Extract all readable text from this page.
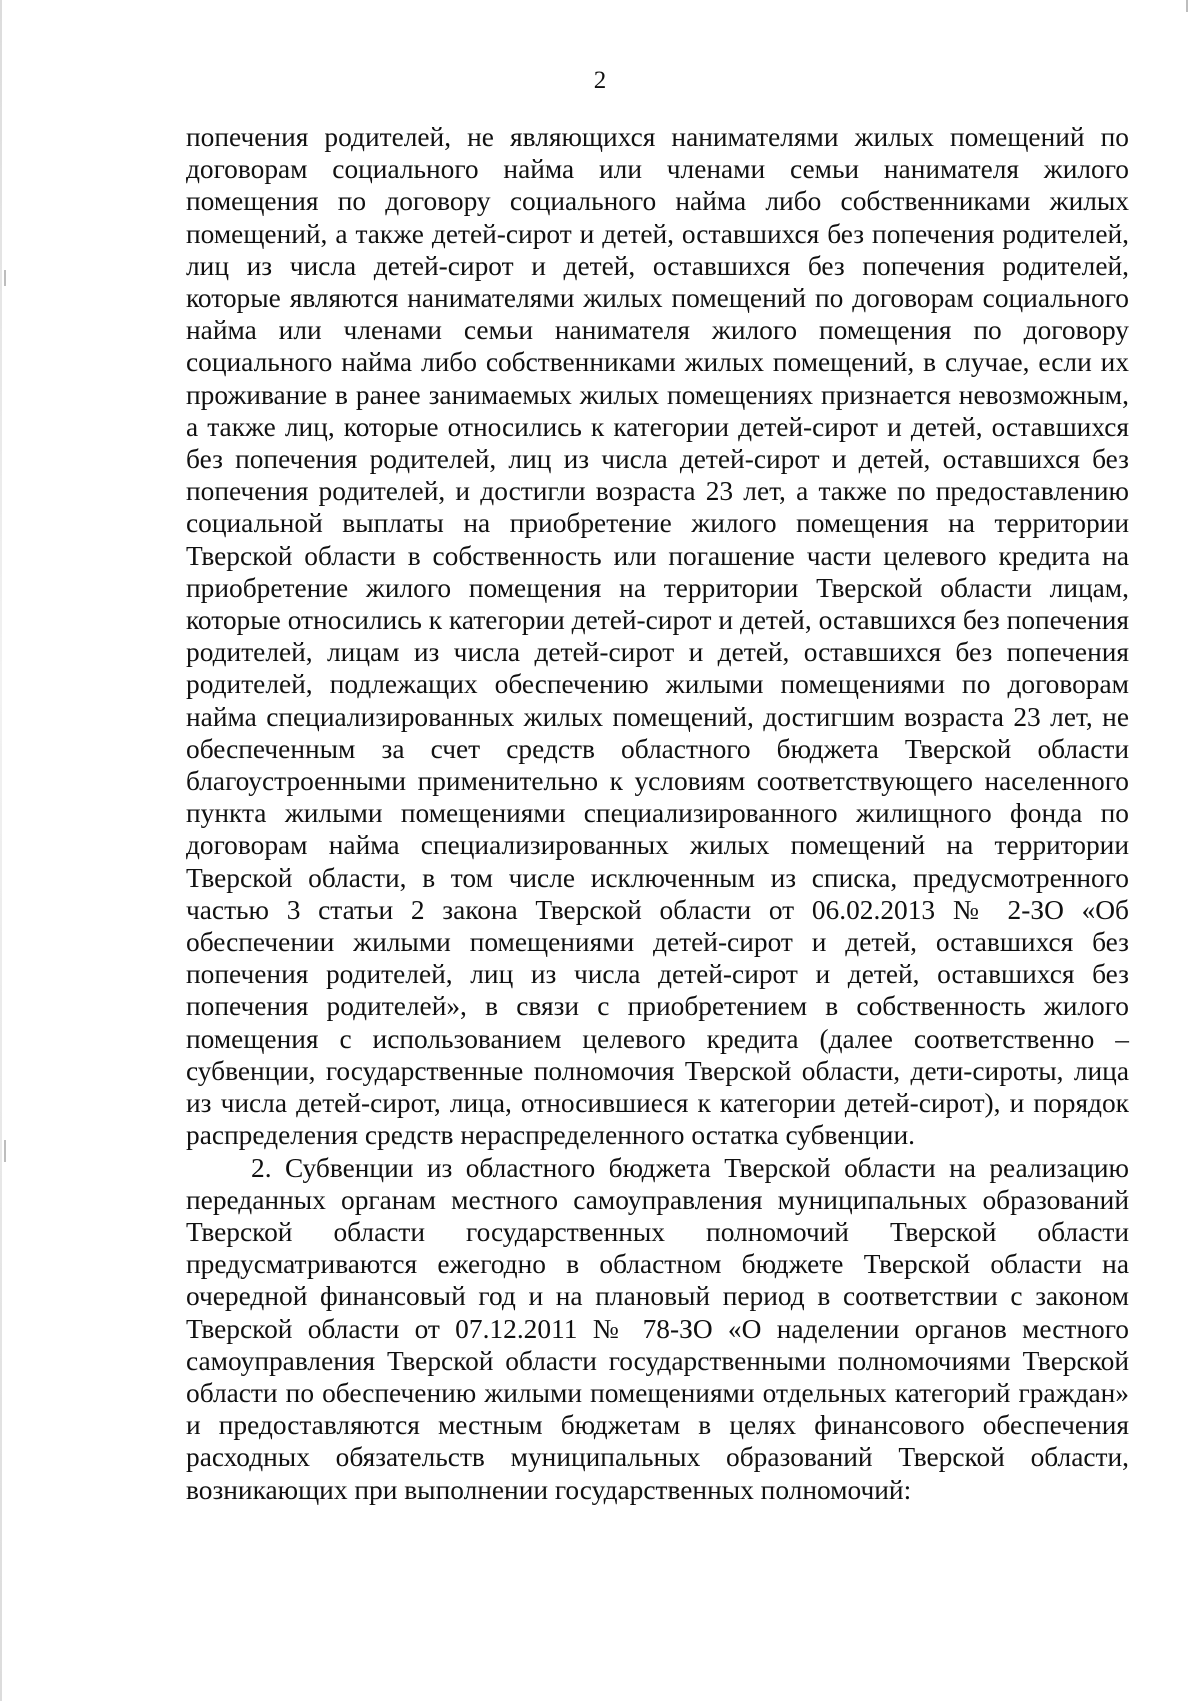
2

попечения родителей, не являющихся нанимателями жилых помещений по договорам социального найма или членами семьи нанимателя жилого помещения по договору социального найма либо собственниками жилых помещений, а также детей-сирот и детей, оставшихся без попечения родителей, лиц из числа детей-сирот и детей, оставшихся без попечения родителей, которые являются нанимателями жилых помещений по договорам социального найма или членами семьи нанимателя жилого помещения по договору социального найма либо собственниками жилых помещений, в случае, если их проживание в ранее занимаемых жилых помещениях признается невозможным, а также лиц, которые относились к категории детей-сирот и детей, оставшихся без попечения родителей, лиц из числа детей-сирот и детей, оставшихся без попечения родителей, и достигли возраста 23 лет, а также по предоставлению социальной выплаты на приобретение жилого помещения на территории Тверской области в собственность или погашение части целевого кредита на приобретение жилого помещения на территории Тверской области лицам, которые относились к категории детей-сирот и детей, оставшихся без попечения родителей, лицам из числа детей-сирот и детей, оставшихся без попечения родителей, подлежащих обеспечению жилыми помещениями по договорам найма специализированных жилых помещений, достигшим возраста 23 лет, не обеспеченным за счет средств областного бюджета Тверской области благоустроенными применительно к условиям соответствующего населенного пункта жилыми помещениями специализированного жилищного фонда по договорам найма специализированных жилых помещений на территории Тверской области, в том числе исключенным из списка, предусмотренного частью 3 статьи 2 закона Тверской области от 06.02.2013 № 2-ЗО «Об обеспечении жилыми помещениями детей-сирот и детей, оставшихся без попечения родителей, лиц из числа детей-сирот и детей, оставшихся без попечения родителей», в связи с приобретением в собственность жилого помещения с использованием целевого кредита (далее соответственно – субвенции, государственные полномочия Тверской области, дети-сироты, лица из числа детей-сирот, лица, относившиеся к категории детей-сирот), и порядок распределения средств нераспределенного остатка субвенции.

2. Субвенции из областного бюджета Тверской области на реализацию переданных органам местного самоуправления муниципальных образований Тверской области государственных полномочий Тверской области предусматриваются ежегодно в областном бюджете Тверской области на очередной финансовый год и на плановый период в соответствии с законом Тверской области от 07.12.2011 № 78-ЗО «О наделении органов местного самоуправления Тверской области государственными полномочиями Тверской области по обеспечению жилыми помещениями отдельных категорий граждан» и предоставляются местным бюджетам в целях финансового обеспечения расходных обязательств муниципальных образований Тверской области, возникающих при выполнении государственных полномочий:
